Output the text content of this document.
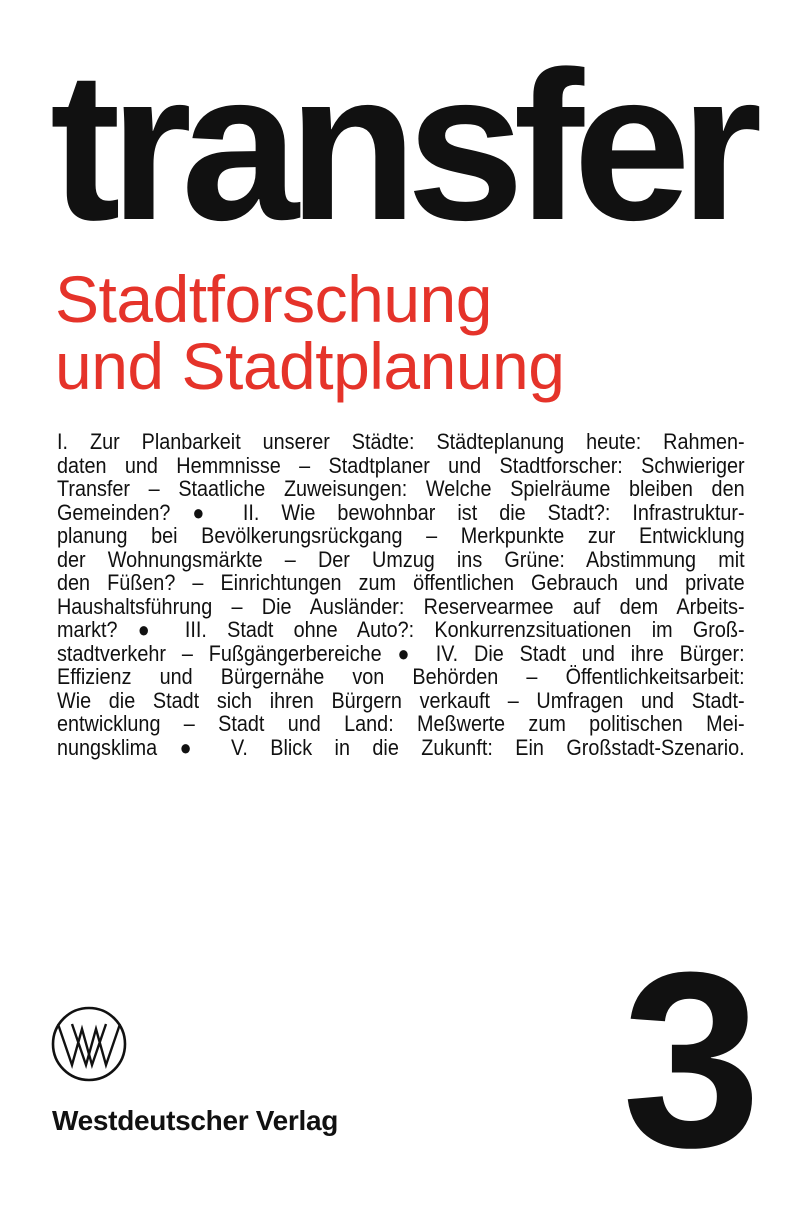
transfer
Stadtforschung
und Stadtplanung
I. Zur Planbarkeit unserer Städte: Städteplanung heute: Rahmen-
daten und Hemmnisse – Stadtplaner und Stadtforscher: Schwieriger
Transfer – Staatliche Zuweisungen: Welche Spielräume bleiben den
Gemeinden? ● II. Wie bewohnbar ist die Stadt?: Infrastruktur-
planung bei Bevölkerungsrückgang – Merkpunkte zur Entwicklung
der Wohnungsmärkte – Der Umzug ins Grüne: Abstimmung mit
den Füßen? – Einrichtungen zum öffentlichen Gebrauch und private
Haushaltsführung – Die Ausländer: Reservearmee auf dem Arbeits-
markt? ● III. Stadt ohne Auto?: Konkurrenzsituationen im Groß-
stadtverkehr – Fußgängerbereiche ● IV. Die Stadt und ihre Bürger:
Effizienz und Bürgernähe von Behörden – Öffentlichkeitsarbeit:
Wie die Stadt sich ihren Bürgern verkauft – Umfragen und Stadt-
entwicklung – Stadt und Land: Meßwerte zum politischen Mei-
nungsklima ● V. Blick in die Zukunft: Ein Großstadt-Szenario.
Westdeutscher Verlag 3
